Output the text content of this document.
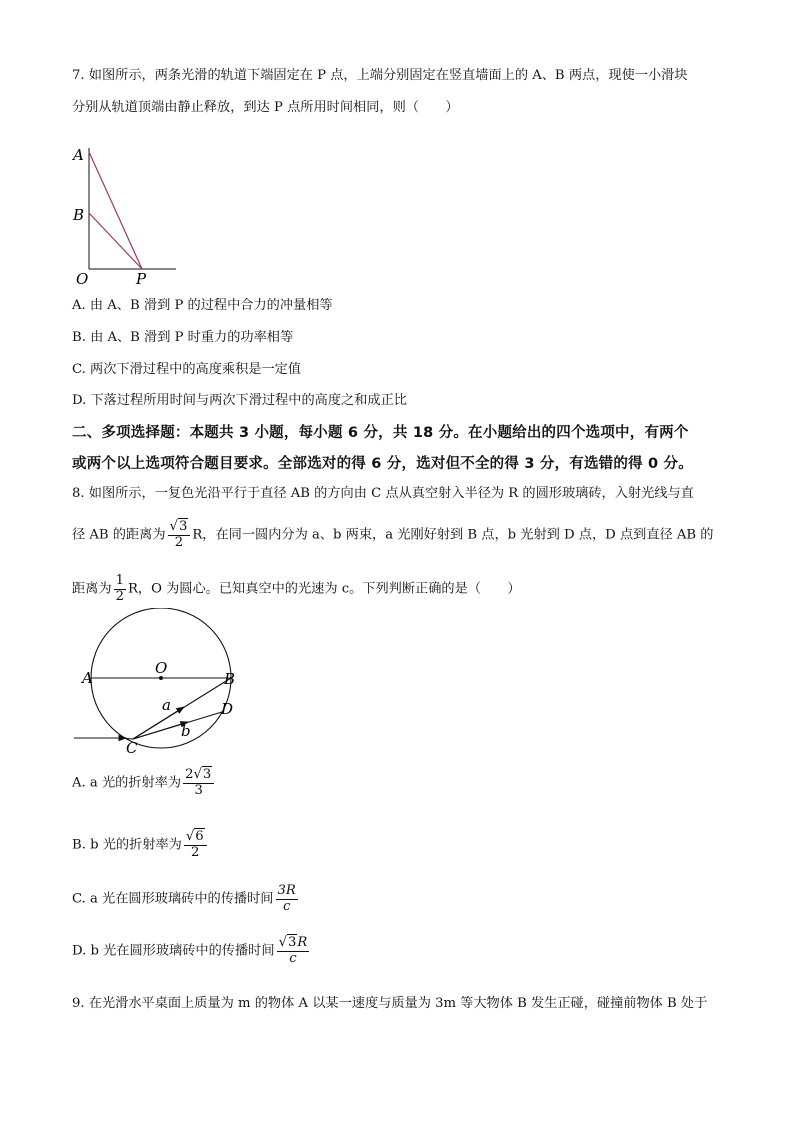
7. 如图所示，两条光滑的轨道下端固定在 P 点，上端分别固定在竖直墙面上的 A、B 两点，现使一小滑块
分别从轨道顶端由静止释放，到达 P 点所用时间相同，则（　　）
A
B
O	P
A. 由 A、B 滑到 P 的过程中合力的冲量相等
B. 由 A、B 滑到 P 时重力的功率相等
C. 两次下滑过程中的高度乘积是一定值
D. 下落过程所用时间与两次下滑过程中的高度之和成正比
二、多项选择题：本题共 3 小题，每小题 6 分，共 18 分。在小题给出的四个选项中，有两个
或两个以上选项符合题目要求。全部选对的得 6 分，选对但不全的得 3 分，有选错的得 0 分。
8. 如图所示，一复色光沿平行于直径 AB 的方向由 C 点从真空射入半径为 R 的圆形玻璃砖，入射光线与直
径 AB 的距离为 $\frac{√3}{2}$ R，在同一圆内分为 a、b 两束，a 光刚好射到 B 点，b 光射到 D 点，D 点到直径 AB 的
距离为 $\frac{1}{2}$ R，O 为圆心。已知真空中的光速为 c。下列判断正确的是（　　）
A	B
O
C
D
a
b
A. a 光的折射率为 $\frac{2√3}{3}$
B. b 光的折射率为 $\frac{√6}{2}$
C. a 光在圆形玻璃砖中的传播时间 $\frac{3R}{c}$
D. b 光在圆形玻璃砖中的传播时间 $\frac{√3R}{c}$
9. 在光滑水平桌面上质量为 m 的物体 A 以某一速度与质量为 3m 等大物体 B 发生正碰，碰撞前物体 B 处于
